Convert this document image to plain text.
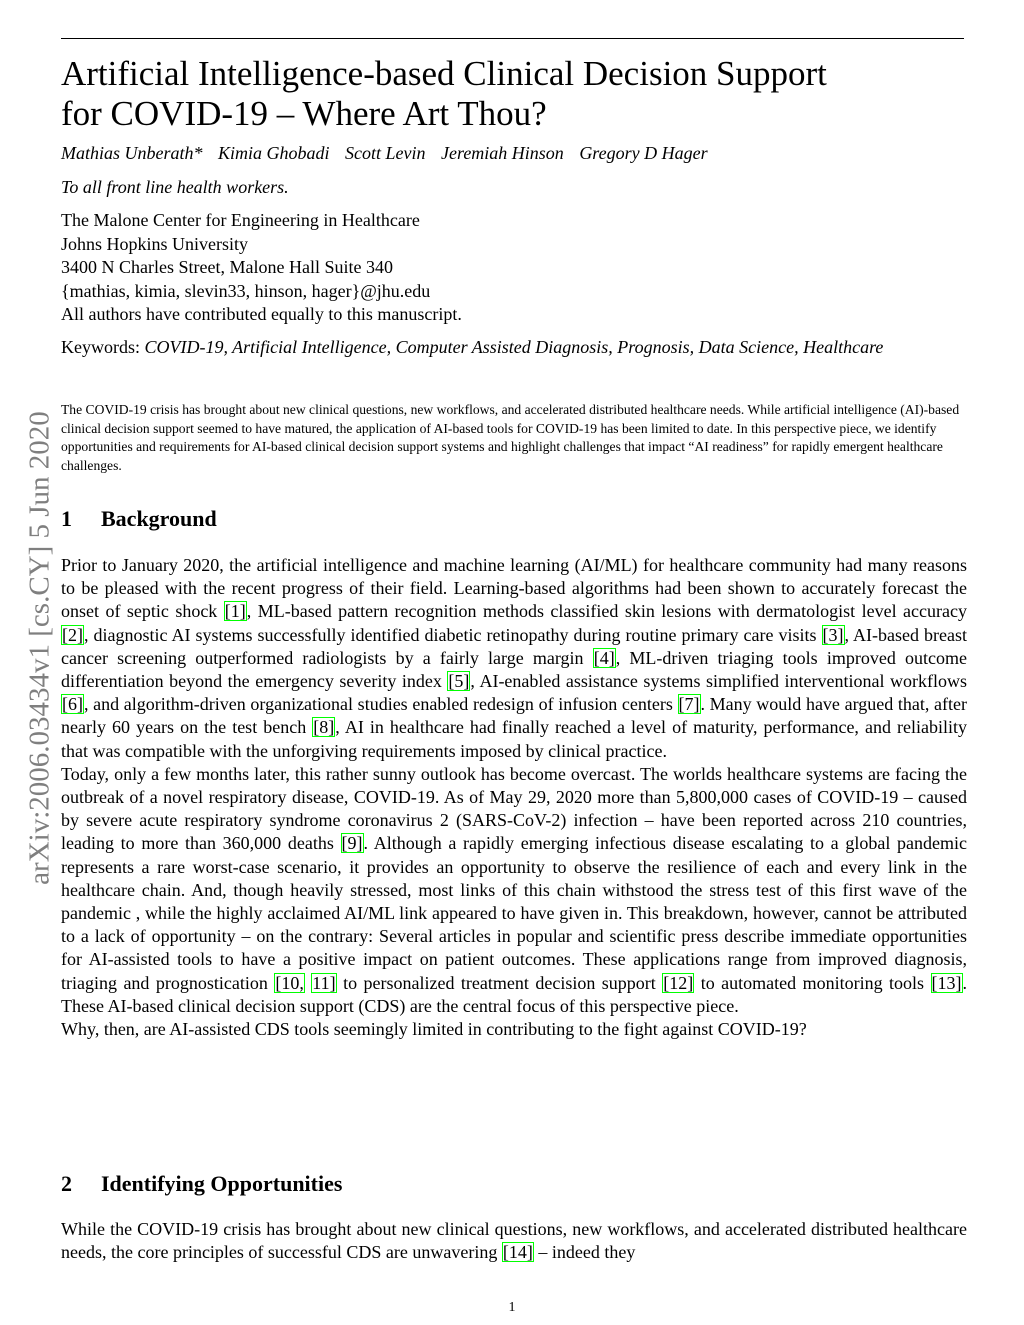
arXiv:2006.03434v1 [cs.CY] 5 Jun 2020
Artificial Intelligence-based Clinical Decision Support
for COVID-19 – Where Art Thou?
Mathias Unberath* Kimia Ghobadi Scott Levin Jeremiah Hinson Gregory D Hager
To all front line health workers.
The Malone Center for Engineering in Healthcare
Johns Hopkins University
3400 N Charles Street, Malone Hall Suite 340
{mathias, kimia, slevin33, hinson, hager}@jhu.edu
All authors have contributed equally to this manuscript.
Keywords: COVID-19, Artificial Intelligence, Computer Assisted Diagnosis, Prognosis, Data Science, Healthcare
The COVID-19 crisis has brought about new clinical questions, new workflows, and accelerated distributed healthcare needs. While artificial intelligence (AI)-based clinical decision support seemed to have matured, the application of AI-based tools for COVID-19 has been limited to date. In this perspective piece, we identify opportunities and requirements for AI-based clinical decision support systems and highlight challenges that impact “AI readiness” for rapidly emergent healthcare challenges.
1 Background

Prior to January 2020, the artificial intelligence and machine learning (AI/ML) for healthcare community had many reasons to be pleased with the recent progress of their field. Learning-based algorithms had been shown to accurately forecast the onset of septic shock [1], ML-based pattern recognition methods classified skin lesions with dermatologist level accuracy [2], diagnostic AI systems successfully identified diabetic retinopathy during routine primary care visits [3], AI-based breast cancer screening outperformed radiologists by a fairly large margin [4], ML-driven triaging tools improved outcome differentiation beyond the emergency severity index [5], AI-enabled assistance systems simplified interventional workflows [6], and algorithm-driven organizational studies enabled redesign of infusion centers [7]. Many would have argued that, after nearly 60 years on the test bench [8], AI in healthcare had finally reached a level of maturity, performance, and reliability that was compatible with the unforgiving requirements imposed by clinical practice.

Today, only a few months later, this rather sunny outlook has become overcast. The worlds healthcare systems are facing the outbreak of a novel respiratory disease, COVID-19. As of May 29, 2020 more than 5,800,000 cases of COVID-19 – caused by severe acute respiratory syndrome coronavirus 2 (SARS-CoV-2) infection – have been reported across 210 countries, leading to more than 360,000 deaths [9]. Although a rapidly emerging infectious disease escalating to a global pandemic represents a rare worst-case scenario, it provides an opportunity to observe the resilience of each and every link in the healthcare chain. And, though heavily stressed, most links of this chain withstood the stress test of this first wave of the pandemic , while the highly acclaimed AI/ML link appeared to have given in. This breakdown, however, cannot be attributed to a lack of opportunity – on the contrary: Several articles in popular and scientific press describe immediate opportunities for AI-assisted tools to have a positive impact on patient outcomes. These applications range from improved diagnosis, triaging and prognostication [10, 11] to personalized treatment decision support [12] to automated monitoring tools [13]. These AI-based clinical decision support (CDS) are the central focus of this perspective piece.

Why, then, are AI-assisted CDS tools seemingly limited in contributing to the fight against COVID-19?

2 Identifying Opportunities

While the COVID-19 crisis has brought about new clinical questions, new workflows, and accelerated distributed healthcare needs, the core principles of successful CDS are unwavering [14] – indeed they

1
